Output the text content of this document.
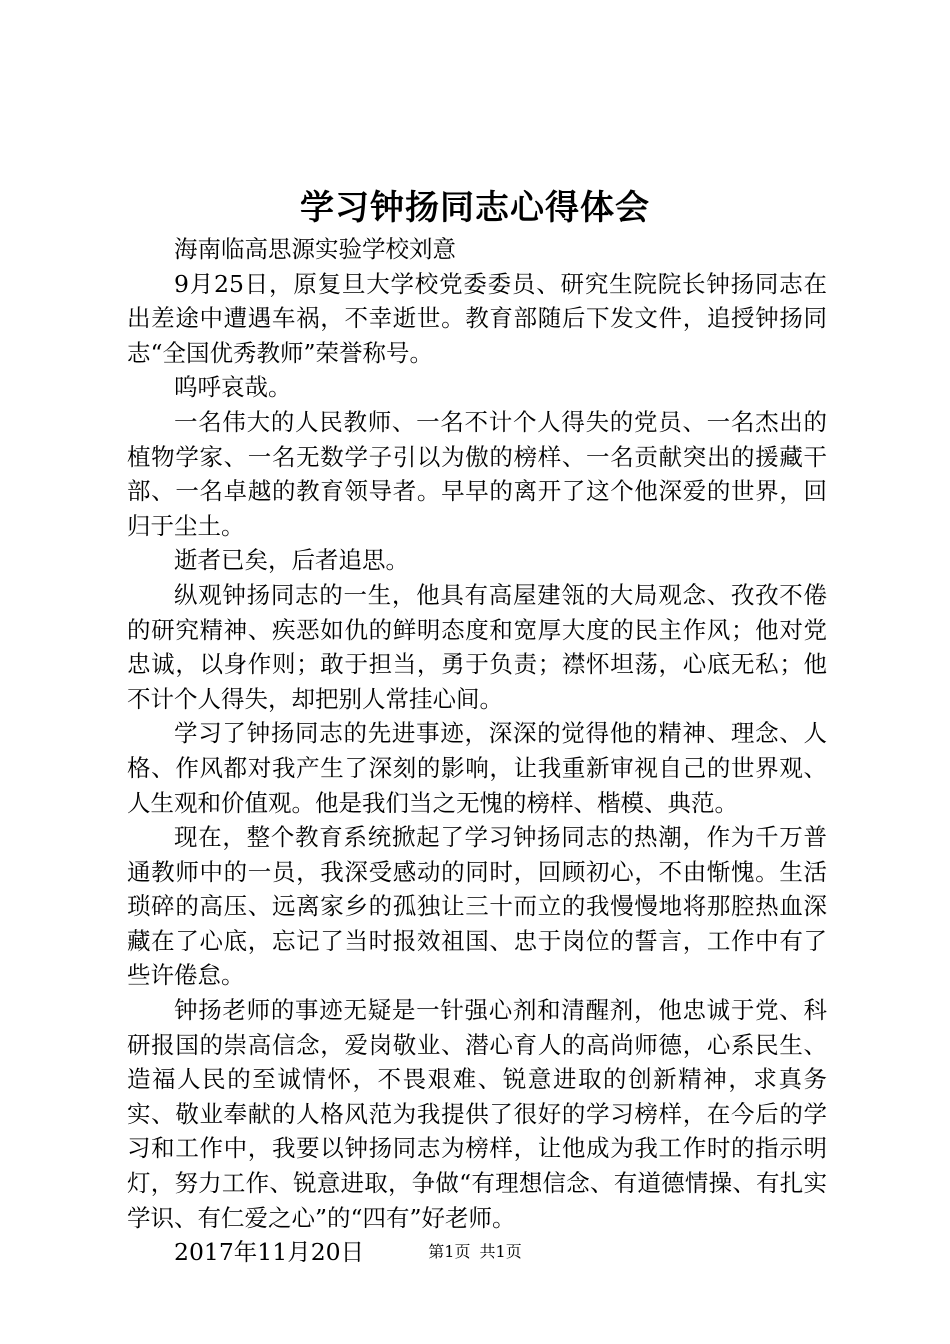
学习钟扬同志心得体会

海南临高思源实验学校刘意

9月25日，原复旦大学校党委委员、研究生院院长钟扬同志在出差途中遭遇车祸，不幸逝世。教育部随后下发文件，追授钟扬同志“全国优秀教师”荣誉称号。

呜呼哀哉。

一名伟大的人民教师、一名不计个人得失的党员、一名杰出的植物学家、一名无数学子引以为傲的榜样、一名贡献突出的援藏干部、一名卓越的教育领导者。早早的离开了这个他深爱的世界，回归于尘土。

逝者已矣，后者追思。

纵观钟扬同志的一生，他具有高屋建瓴的大局观念、孜孜不倦的研究精神、疾恶如仇的鲜明态度和宽厚大度的民主作风；他对党忠诚，以身作则；敢于担当，勇于负责；襟怀坦荡，心底无私；他不计个人得失，却把别人常挂心间。

学习了钟扬同志的先进事迹，深深的觉得他的精神、理念、人格、作风都对我产生了深刻的影响，让我重新审视自己的世界观、人生观和价值观。他是我们当之无愧的榜样、楷模、典范。

现在，整个教育系统掀起了学习钟扬同志的热潮，作为千万普通教师中的一员，我深受感动的同时，回顾初心，不由惭愧。生活琐碎的高压、远离家乡的孤独让三十而立的我慢慢地将那腔热血深藏在了心底，忘记了当时报效祖国、忠于岗位的誓言，工作中有了些许倦怠。

钟扬老师的事迹无疑是一针强心剂和清醒剂，他忠诚于党、科研报国的崇高信念，爱岗敬业、潜心育人的高尚师德，心系民生、造福人民的至诚情怀，不畏艰难、锐意进取的创新精神，求真务实、敬业奉献的人格风范为我提供了很好的学习榜样，在今后的学习和工作中，我要以钟扬同志为榜样，让他成为我工作时的指示明灯，努力工作、锐意进取，争做“有理想信念、有道德情操、有扎实学识、有仁爱之心”的“四有”好老师。

2017年11月20日	第1页 共1页
